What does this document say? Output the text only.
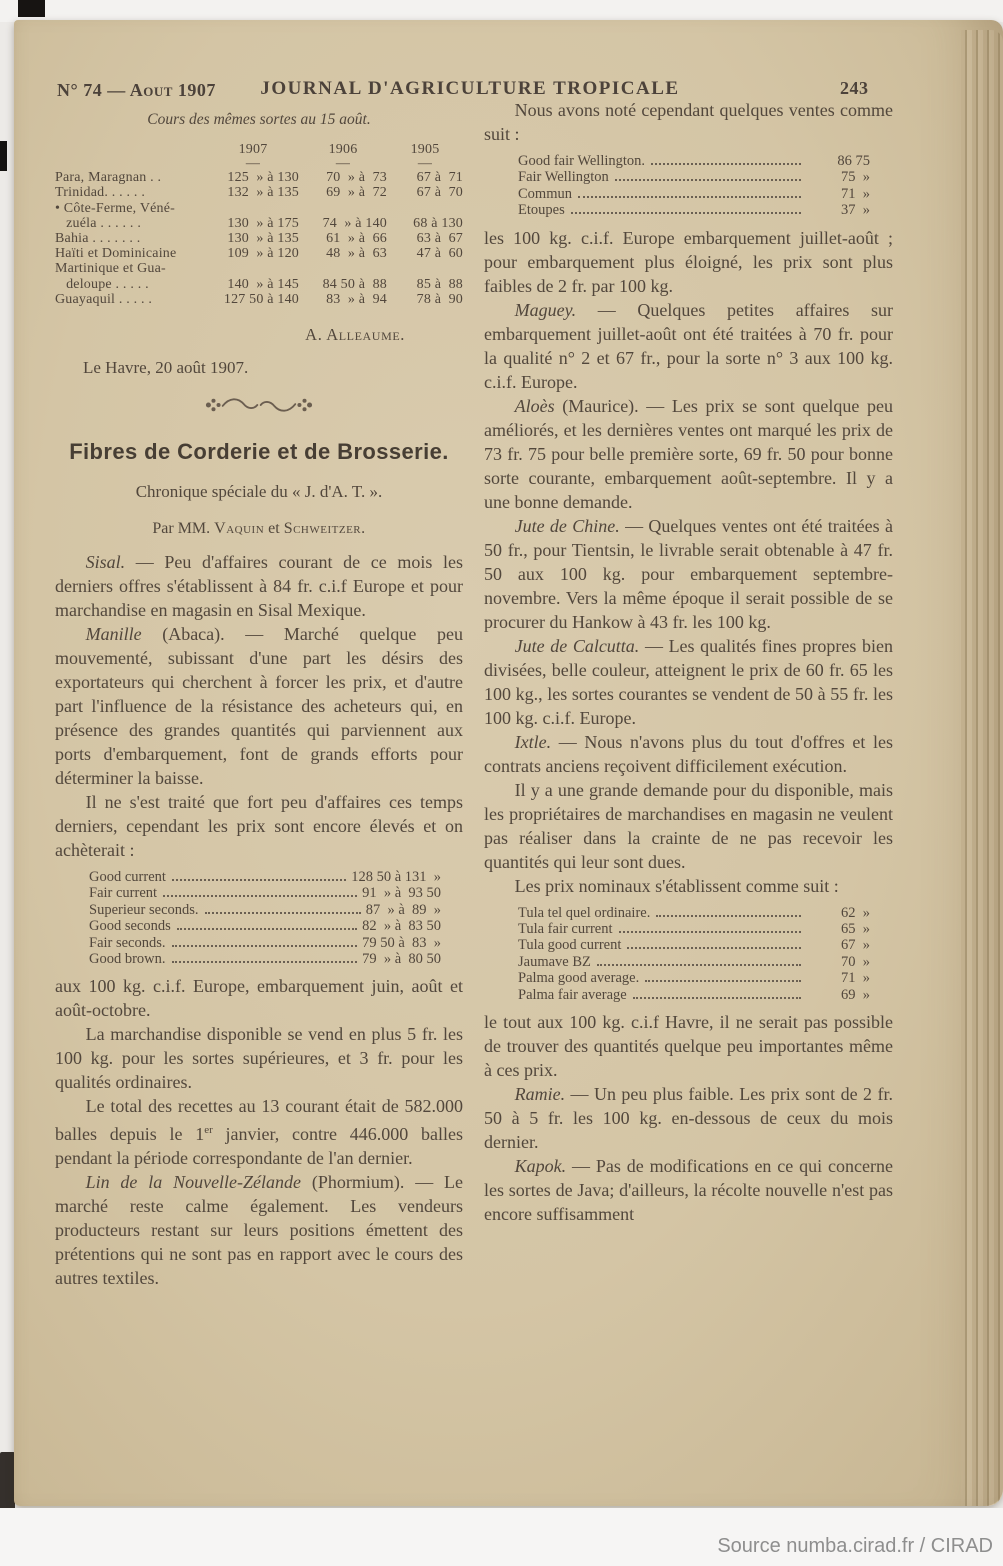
N° 74 — Aout 1907 JOURNAL D'AGRICULTURE TROPICALE	243
Cours des mêmes sortes au 15 août.
1907	1906	1905
—	—	—
Para, Maragnan . .	125  » à 130	70  » à  73	67 à  71
Trinidad. . . . . .	132  » à 135	69  » à  72	67 à  70
• Côte-Ferme, Véné-
zuéla . . . . . .	130  » à 175	74  » à 140	68 à 130
Bahia . . . . . . .	130  » à 135	61  » à  66	63 à  67
Haïti et Dominicaine	109  » à 120	48  » à  63	47 à  60
Martinique et Gua-
deloupe . . . . .	140  » à 145	84 50 à  88	85 à  88
Guayaquil . . . . .	127 50 à 140	83  » à  94	78 à  90
A. Alleaume.
Le Havre, 20 août 1907.
Fibres de Corderie et de Brosserie.
Chronique spéciale du « J. d'A. T. ».
Par MM. Vaquin et Schweitzer.

Sisal. — Peu d'affaires courant de ce mois les derniers offres s'établissent à 84 fr. c.i.f Europe et pour marchandise en magasin en Sisal Mexique.

Manille (Abaca). — Marché quelque peu mouvementé, subissant d'une part les désirs des exportateurs qui cherchent à forcer les prix, et d'autre part l'influence de la résistance des acheteurs qui, en présence des grandes quantités qui parviennent aux ports d'embarquement, font de grands efforts pour déterminer la baisse.

Il ne s'est traité que fort peu d'affaires ces temps derniers, cependant les prix sont encore élevés et on achèterait :

Good current	128 50 à 131  »
Fair current	91  » à  93 50
Superieur seconds.	87  » à  89  »
Good seconds	82  » à  83 50
Fair seconds.	79 50 à  83  »
Good brown.	79  » à  80 50

aux 100 kg. c.i.f. Europe, embarquement juin, août et août-octobre.

La marchandise disponible se vend en plus 5 fr. les 100 kg. pour les sortes supérieures, et 3 fr. pour les qualités ordinaires.

Le total des recettes au 13 courant était de 582.000 balles depuis le 1er janvier, contre 446.000 balles pendant la période correspondante de l'an dernier.

Lin de la Nouvelle-Zélande (Phormium). — Le marché reste calme également. Les vendeurs producteurs restant sur leurs positions émettent des prétentions qui ne sont pas en rapport avec le cours des autres textiles.

Nous avons noté cependant quelques ventes comme suit :

Good fair Wellington.	86 75
Fair Wellington	75  »
Commun	71  »
Etoupes	37  »

les 100 kg. c.i.f. Europe embarquement juillet-août ; pour embarquement plus éloigné, les prix sont plus faibles de 2 fr. par 100 kg.

Maguey. — Quelques petites affaires sur embarquement juillet-août ont été traitées à 70 fr. pour la qualité n° 2 et 67 fr., pour la sorte n° 3 aux 100 kg. c.i.f. Europe.

Aloès (Maurice). — Les prix se sont quelque peu améliorés, et les dernières ventes ont marqué les prix de 73 fr. 75 pour belle première sorte, 69 fr. 50 pour bonne sorte courante, embarquement août-septembre. Il y a une bonne demande.

Jute de Chine. — Quelques ventes ont été traitées à 50 fr., pour Tientsin, le livrable serait obtenable à 47 fr. 50 aux 100 kg. pour embarquement septembre-novembre. Vers la même époque il serait possible de se procurer du Hankow à 43 fr. les 100 kg.

Jute de Calcutta. — Les qualités fines propres bien divisées, belle couleur, atteignent le prix de 60 fr. 65 les 100 kg., les sortes courantes se vendent de 50 à 55 fr. les 100 kg. c.i.f. Europe.

Ixtle. — Nous n'avons plus du tout d'offres et les contrats anciens reçoivent difficilement exécution.

Il y a une grande demande pour du disponible, mais les propriétaires de marchandises en magasin ne veulent pas réaliser dans la crainte de ne pas recevoir les quantités qui leur sont dues.

Les prix nominaux s'établissent comme suit :

Tula tel quel ordinaire.	62  »
Tula fair current	65  »
Tula good current	67  »
Jaumave BZ	70  »
Palma good average.	71  »
Palma fair average	69  »

le tout aux 100 kg. c.i.f Havre, il ne serait pas possible de trouver des quantités quelque peu importantes même à ces prix.

Ramie. — Un peu plus faible. Les prix sont de 2 fr. 50 à 5 fr. les 100 kg. en-dessous de ceux du mois dernier.

Kapok. — Pas de modifications en ce qui concerne les sortes de Java; d'ailleurs, la récolte nouvelle n'est pas encore suffisamment

Source numba.cirad.fr / CIRAD
